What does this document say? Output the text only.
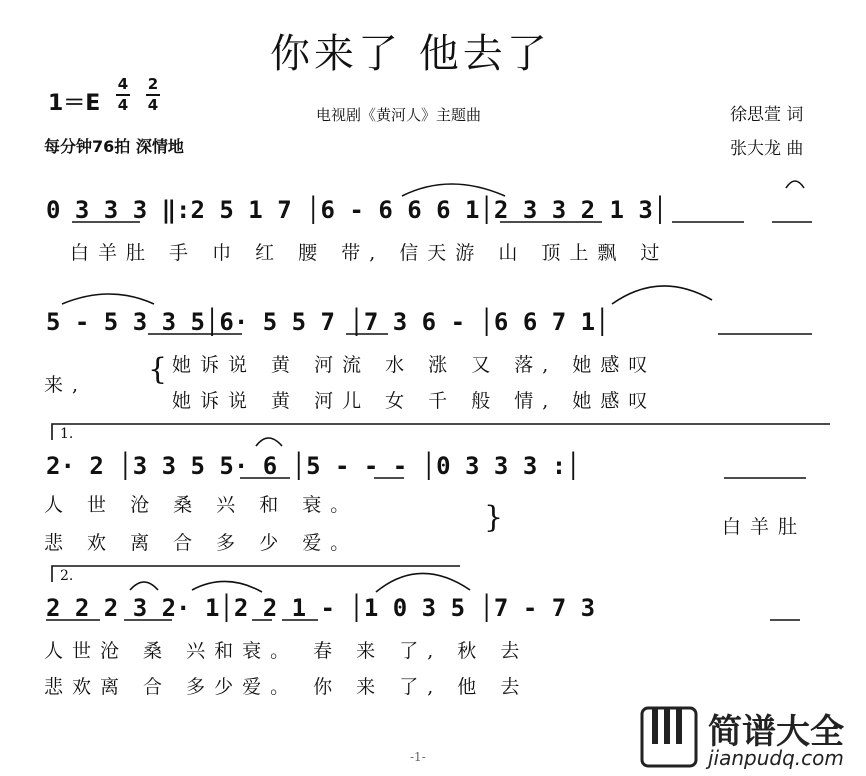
你来了 他去了
1＝E
4
4
2
4
电视剧《黄河人》主题曲	徐思萱 词
张大龙 曲
每分钟76拍 深情地
0 3 3 3 ‖:2 5 1 7 │6 - 6 6 6 1│2 3 3 2 1 3│
白羊肚 手 巾 红 腰 带, 信天游 山 顶上飘 过
5 - 5 3 3 5│6· 5 5 7 │7 3 6 - │6 6 7 1│
来, { 她诉说 黄 河流 水 涨 又 落, 她感叹
她诉说 黄 河儿 女 千 般 情, 她感叹
1.
2· 2 │3 3 5 5· 6 │5 - - - │0 3 3 3 :│
人 世 沧 桑 兴 和 衰。
悲 欢 离 合 多 少 爱。
}	白羊肚
2.
2 2 2 3 2· 1│2 2 1 - │1 0 3 5 │7 - 7 3
人世沧 桑 兴和衰。 春 来 了, 秋 去
悲欢离 合 多少爱。 你 来 了, 他 去
简谱大全
jianpudq.com
-1-
